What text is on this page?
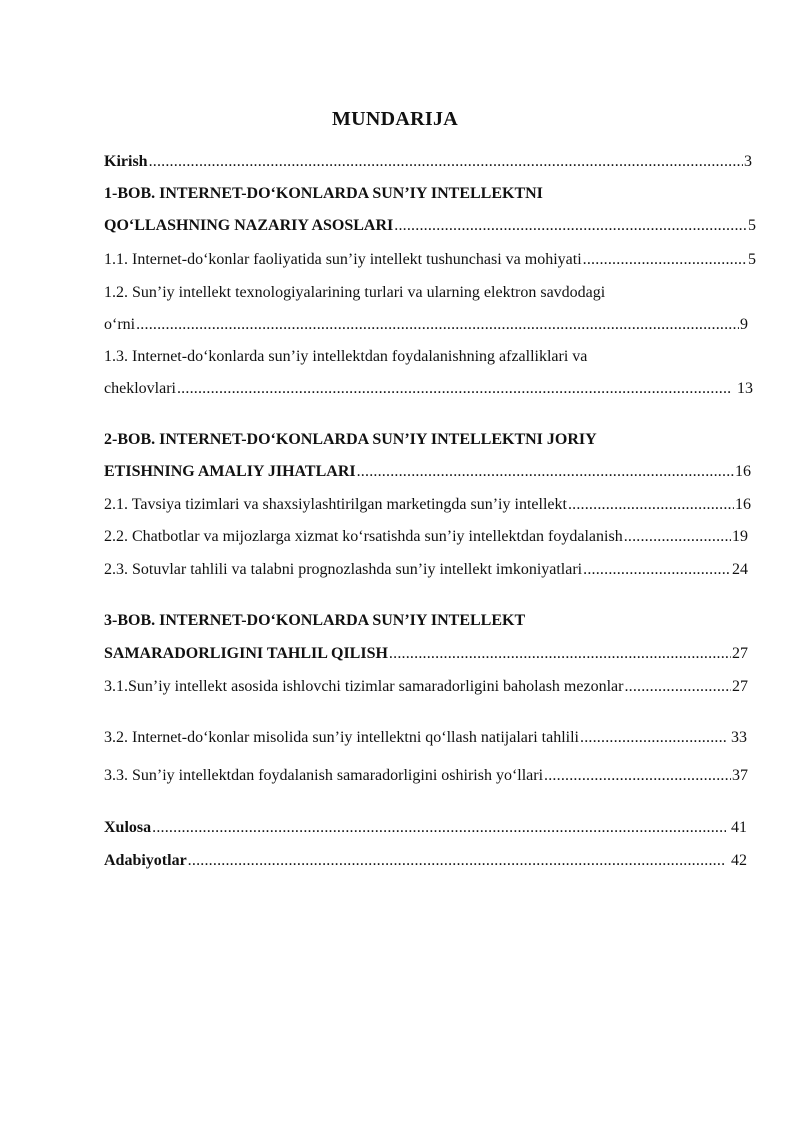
MUNDARIJA
Kirish .....	3
1-BOB. INTERNET-DO‘KONLARDA SUN’IY INTELLEKTNI
QO‘LLASHNING NAZARIY ASOSLARI .....	5
1.1. Internet-do‘konlar faoliyatida sun’iy intellekt tushunchasi va mohiyati .....	5
1.2. Sun’iy intellekt texnologiyalarining turlari va ularning elektron savdodagi
o‘rni .....	9
1.3. Internet-do‘konlarda sun’iy intellektdan foydalanishning afzalliklari va
cheklovlari .....	13
2-BOB. INTERNET-DO‘KONLARDA SUN’IY INTELLEKTNI JORIY
ETISHNING AMALIY JIHATLARI .....	16
2.1. Tavsiya tizimlari va shaxsiylashtirilgan marketingda sun’iy intellekt .....	16
2.2. Chatbotlar va mijozlarga xizmat ko‘rsatishda sun’iy intellektdan foydalanish .....	19
2.3. Sotuvlar tahlili va talabni prognozlashda sun’iy intellekt imkoniyatlari .....	24
3-BOB. INTERNET-DO‘KONLARDA SUN’IY INTELLEKT
SAMARADORLIGINI TAHLIL QILISH .....	27
3.1.Sun’iy intellekt asosida ishlovchi tizimlar samaradorligini baholash mezonlar .....	27
3.2. Internet-do‘konlar misolida sun’iy intellektni qo‘llash natijalari tahlili .....	33
3.3. Sun’iy intellektdan foydalanish samaradorligini oshirish yo‘llari .....	37
Xulosa .....	41
Adabiyotlar .....	42
